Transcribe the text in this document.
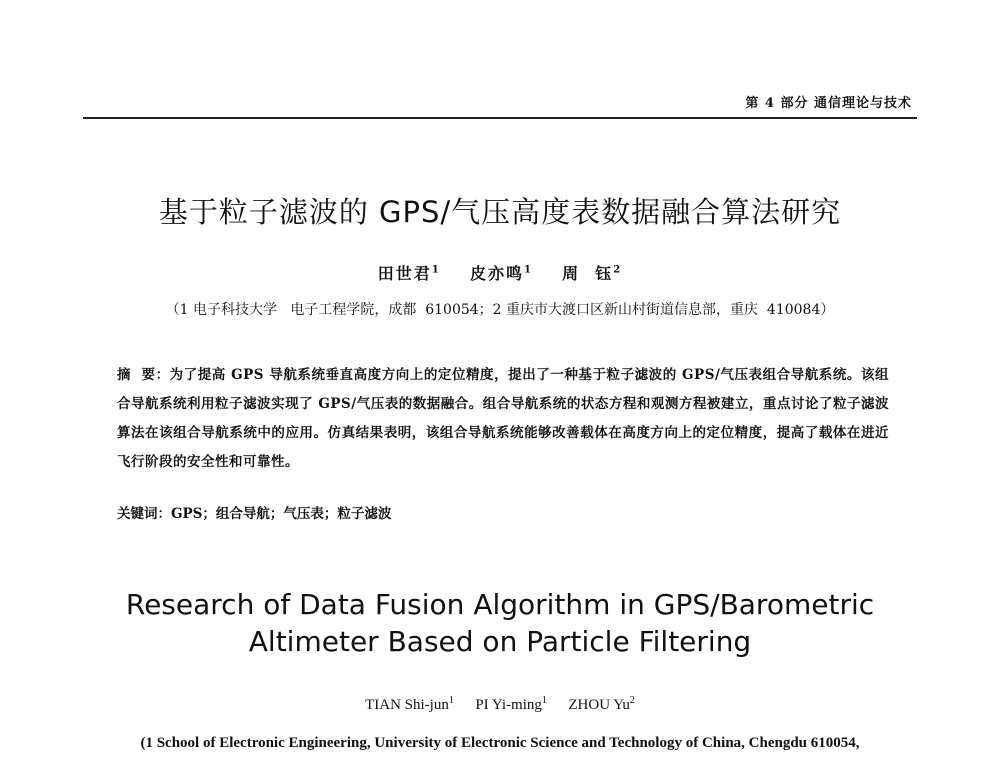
第 4 部分 通信理论与技术
基于粒子滤波的 GPS/气压高度表数据融合算法研究
田世君$^1$ 皮亦鸣$^1$ 周  钰$^2$
（1 电子科技大学   电子工程学院，成都  610054；2 重庆市大渡口区新山村街道信息部，重庆  410084）
摘  要：为了提高 GPS 导航系统垂直高度方向上的定位精度，提出了一种基于粒子滤波的 GPS/气压表组合导航系统。该组合导航系统利用粒子滤波实现了 GPS/气压表的数据融合。组合导航系统的状态方程和观测方程被建立，重点讨论了粒子滤波算法在该组合导航系统中的应用。仿真结果表明，该组合导航系统能够改善载体在高度方向上的定位精度，提高了载体在进近飞行阶段的安全性和可靠性。
关键词：GPS；组合导航；气压表；粒子滤波
Research of Data Fusion Algorithm in GPS/Barometric
Altimeter Based on Particle Filtering
TIAN Shi-jun$^1$ PI Yi-ming$^1$ ZHOU Yu$^2$
(1 School of Electronic Engineering, University of Electronic Science and Technology of China, Chengdu 610054,
